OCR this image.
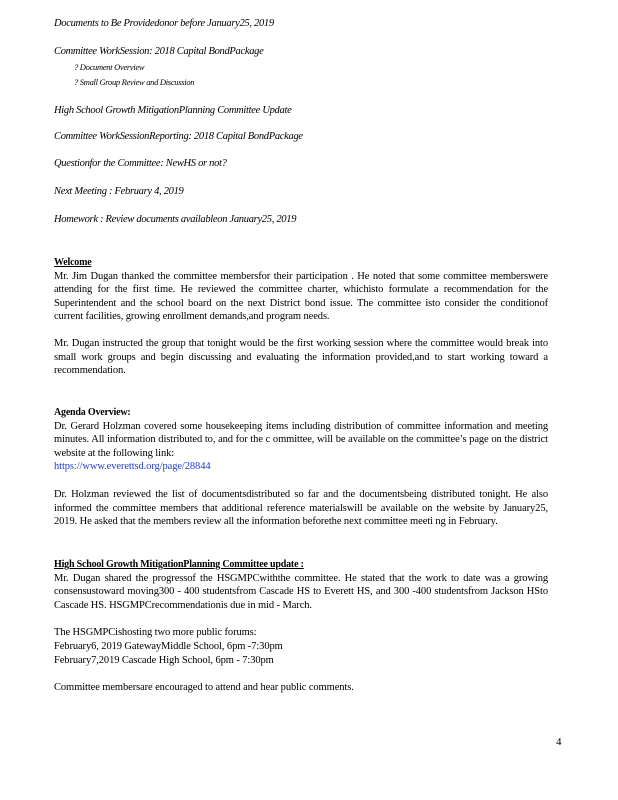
Documents to Be Providedonor before January25, 2019
Committee WorkSession: 2018 Capital BondPackage
? Document Overview
? Small Group Review and Discussion
High School Growth MitigationPlanning Committee Update
Committee WorkSessionReporting: 2018 Capital BondPackage
Questionfor the Committee: NewHS or not?
Next Meeting : February 4, 2019
Homework : Review documents availableon January25, 2019
Welcome

Mr. Jim Dugan thanked the committee membersfor their participation . He noted that some committee memberswere attending for the first time. He reviewed the committee charter, whichisto formulate a recommendation for the Superintendent and the school board on the next District bond issue. The committee isto consider the conditionof current facilities, growing enrollment demands,and program needs.

Mr. Dugan instructed the group that tonight would be the first working session where the committee would break into small work groups and begin discussing and evaluating the information provided,and to start working toward a recommendation.

Agenda Overview:

Dr. Gerard Holzman covered some housekeeping items including distribution of committee information and meeting minutes. All information distributed to, and for the c ommittee, will be available on the committee’s page on the district website at the following link:

https://www.everettsd.org/page/28844

Dr. Holzman reviewed the list of documentsdistributed so far and the documentsbeing distributed tonight. He also informed the committee members that additional reference materialswill be available on the website by January25, 2019. He asked that the members review all the information beforethe next committee meeti ng in February.

High School Growth MitigationPlanning Committee update :

Mr. Dugan shared the progressof the HSGMPCwiththe committee. He stated that the work to date was a growing consensustoward moving300 - 400 studentsfrom Cascade HS to Everett HS, and 300 -400 studentsfrom Jackson HSto Cascade HS. HSGMPCrecommendationis due in mid - March.

The HSGMPCishosting two more public forums:

February6, 2019 GatewayMiddle School, 6pm -7:30pm

February7,2019 Cascade High School, 6pm - 7:30pm

Committee membersare encouraged to attend and hear public comments.

4
